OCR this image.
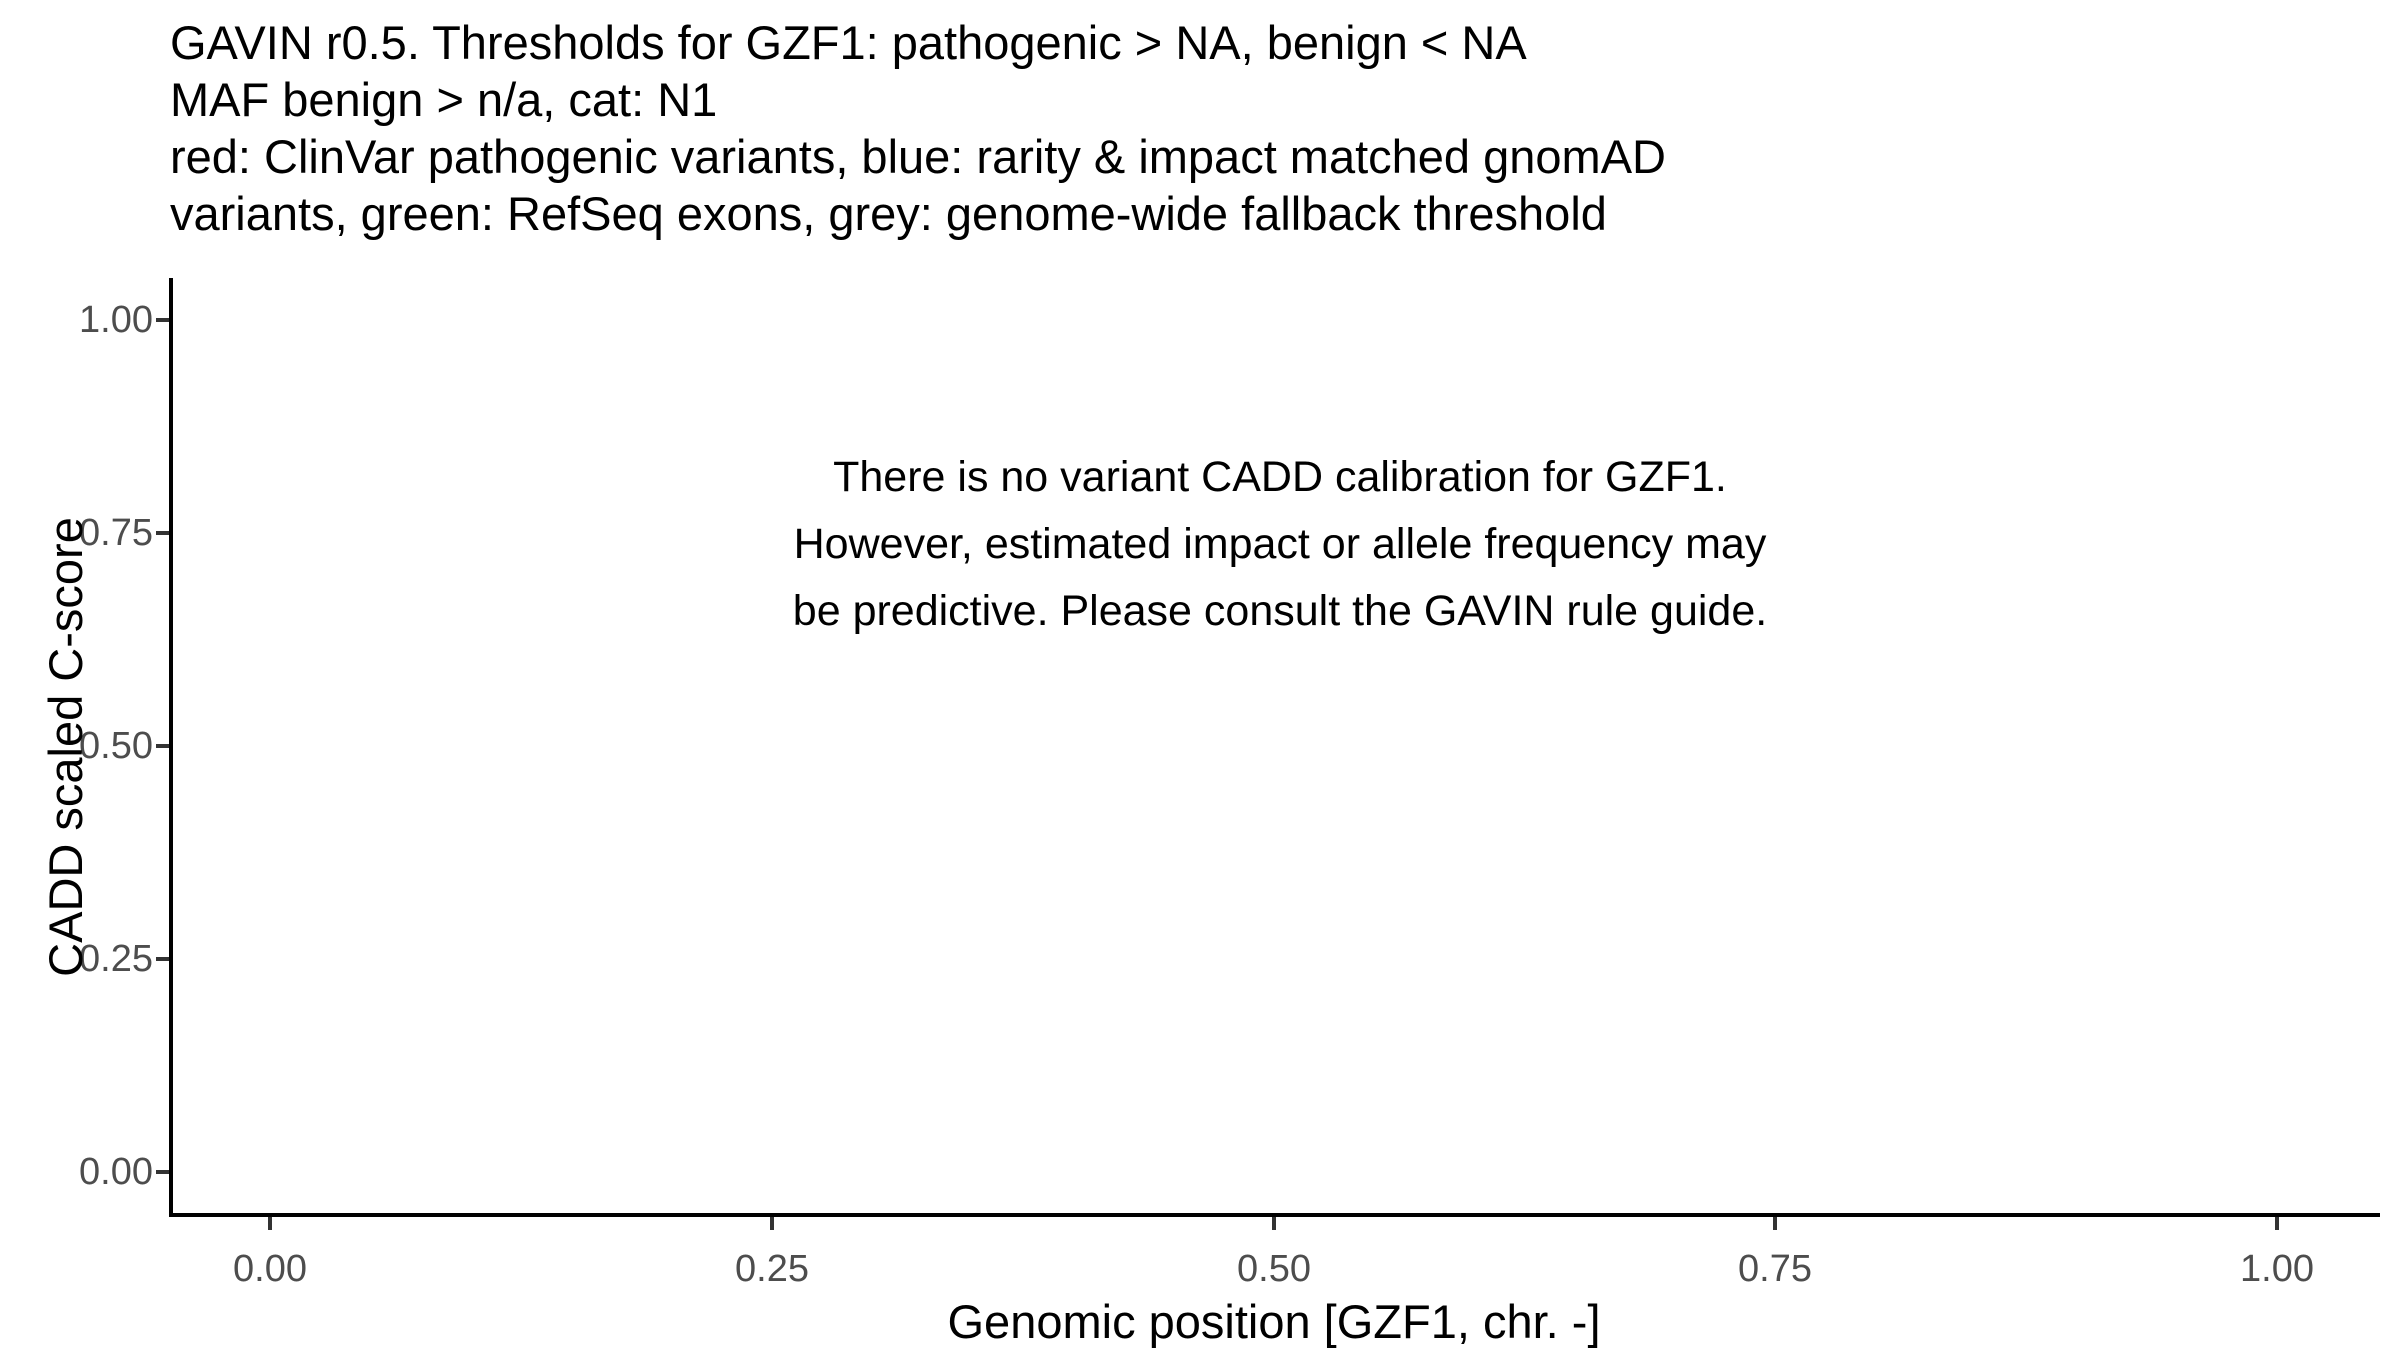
GAVIN r0.5. Thresholds for GZF1: pathogenic > NA, benign < NA
MAF benign > n/a, cat: N1
red: ClinVar pathogenic variants, blue: rarity & impact matched gnomAD
variants, green: RefSeq exons, grey: genome-wide fallback threshold
1.00
0.75
0.50
0.25
0.00
0.00	0.25	0.50	0.75	1.00
Genomic position [GZF1, chr. -]
CADD scaled C-score
There is no variant CADD calibration for GZF1.
However, estimated impact or allele frequency may
be predictive. Please consult the GAVIN rule guide.
